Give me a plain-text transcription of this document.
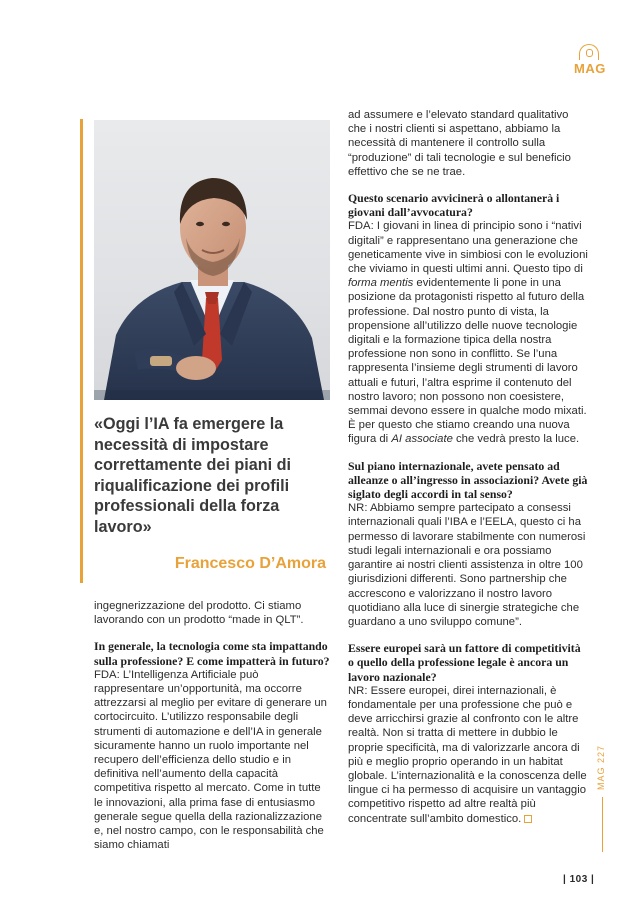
MAG

«Oggi l’IA fa emergere la necessità di impostare correttamente dei piani di riqualificazione dei profili professionali della forza lavoro»

Francesco D’Amora

ingegnerizzazione del prodotto. Ci stiamo lavorando con un prodotto “made in QLT”.

In generale, la tecnologia come sta impattando sulla professione? E come impatterà in futuro?

FDA: L’Intelligenza Artificiale può rappresentare un’opportunità, ma occorre attrezzarsi al meglio per evitare di generare un cortocircuito. L’utilizzo responsabile degli strumenti di automazione e dell’IA in generale sicuramente hanno un ruolo importante nel recupero dell’efficienza dello studio e in definitiva nell’aumento della capacità competitiva rispetto al mercato. Come in tutte le innovazioni, alla prima fase di entusiasmo generale segue quella della razionalizzazione e, nel nostro campo, con le responsabilità che siamo chiamati

ad assumere e l’elevato standard qualitativo che i nostri clienti si aspettano, abbiamo la necessità di mantenere il controllo sulla “produzione” di tali tecnologie e sul beneficio effettivo che se ne trae.

Questo scenario avvicinerà o allontanerà i giovani dall’avvocatura?

FDA: I giovani in linea di principio sono i “nativi digitali” e rappresentano una generazione che geneticamente vive in simbiosi con le evoluzioni che viviamo in questi ultimi anni. Questo tipo di forma mentis evidentemente li pone in una posizione da protagonisti rispetto al futuro della professione. Dal nostro punto di vista, la propensione all’utilizzo delle nuove tecnologie digitali e la formazione tipica della nostra professione non sono in conflitto. Se l’una rappresenta l’insieme degli strumenti di lavoro attuali e futuri, l’altra esprime il contenuto del nostro lavoro; non possono non coesistere, semmai devono essere in qualche modo mixati. È per questo che stiamo creando una nuova figura di AI associate che vedrà presto la luce.

Sul piano internazionale, avete pensato ad alleanze o all’ingresso in associazioni? Avete già siglato degli accordi in tal senso?

NR: Abbiamo sempre partecipato a consessi internazionali quali l’IBA e l’EELA, questo ci ha permesso di lavorare stabilmente con numerosi studi legali internazionali e ora possiamo garantire ai nostri clienti assistenza in oltre 100 giurisdizioni differenti. Sono partnership che accrescono e valorizzano il nostro lavoro quotidiano alla luce di sinergie strategiche che guardano a uno sviluppo comune”.

Essere europei sarà un fattore di competitività o quello della professione legale è ancora un lavoro nazionale?

NR: Essere europei, direi internazionali, è fondamentale per una professione che può e deve arricchirsi grazie al confronto con le altre realtà. Non si tratta di mettere in dubbio le proprie specificità, ma di valorizzarle ancora di più e meglio proprio operando in un habitat globale. L’internazionalità e la conoscenza delle lingue ci ha permesso di acquisire un vantaggio competitivo rispetto ad altre realtà più concentrate sull’ambito domestico.

MAG 227
| 103 |
